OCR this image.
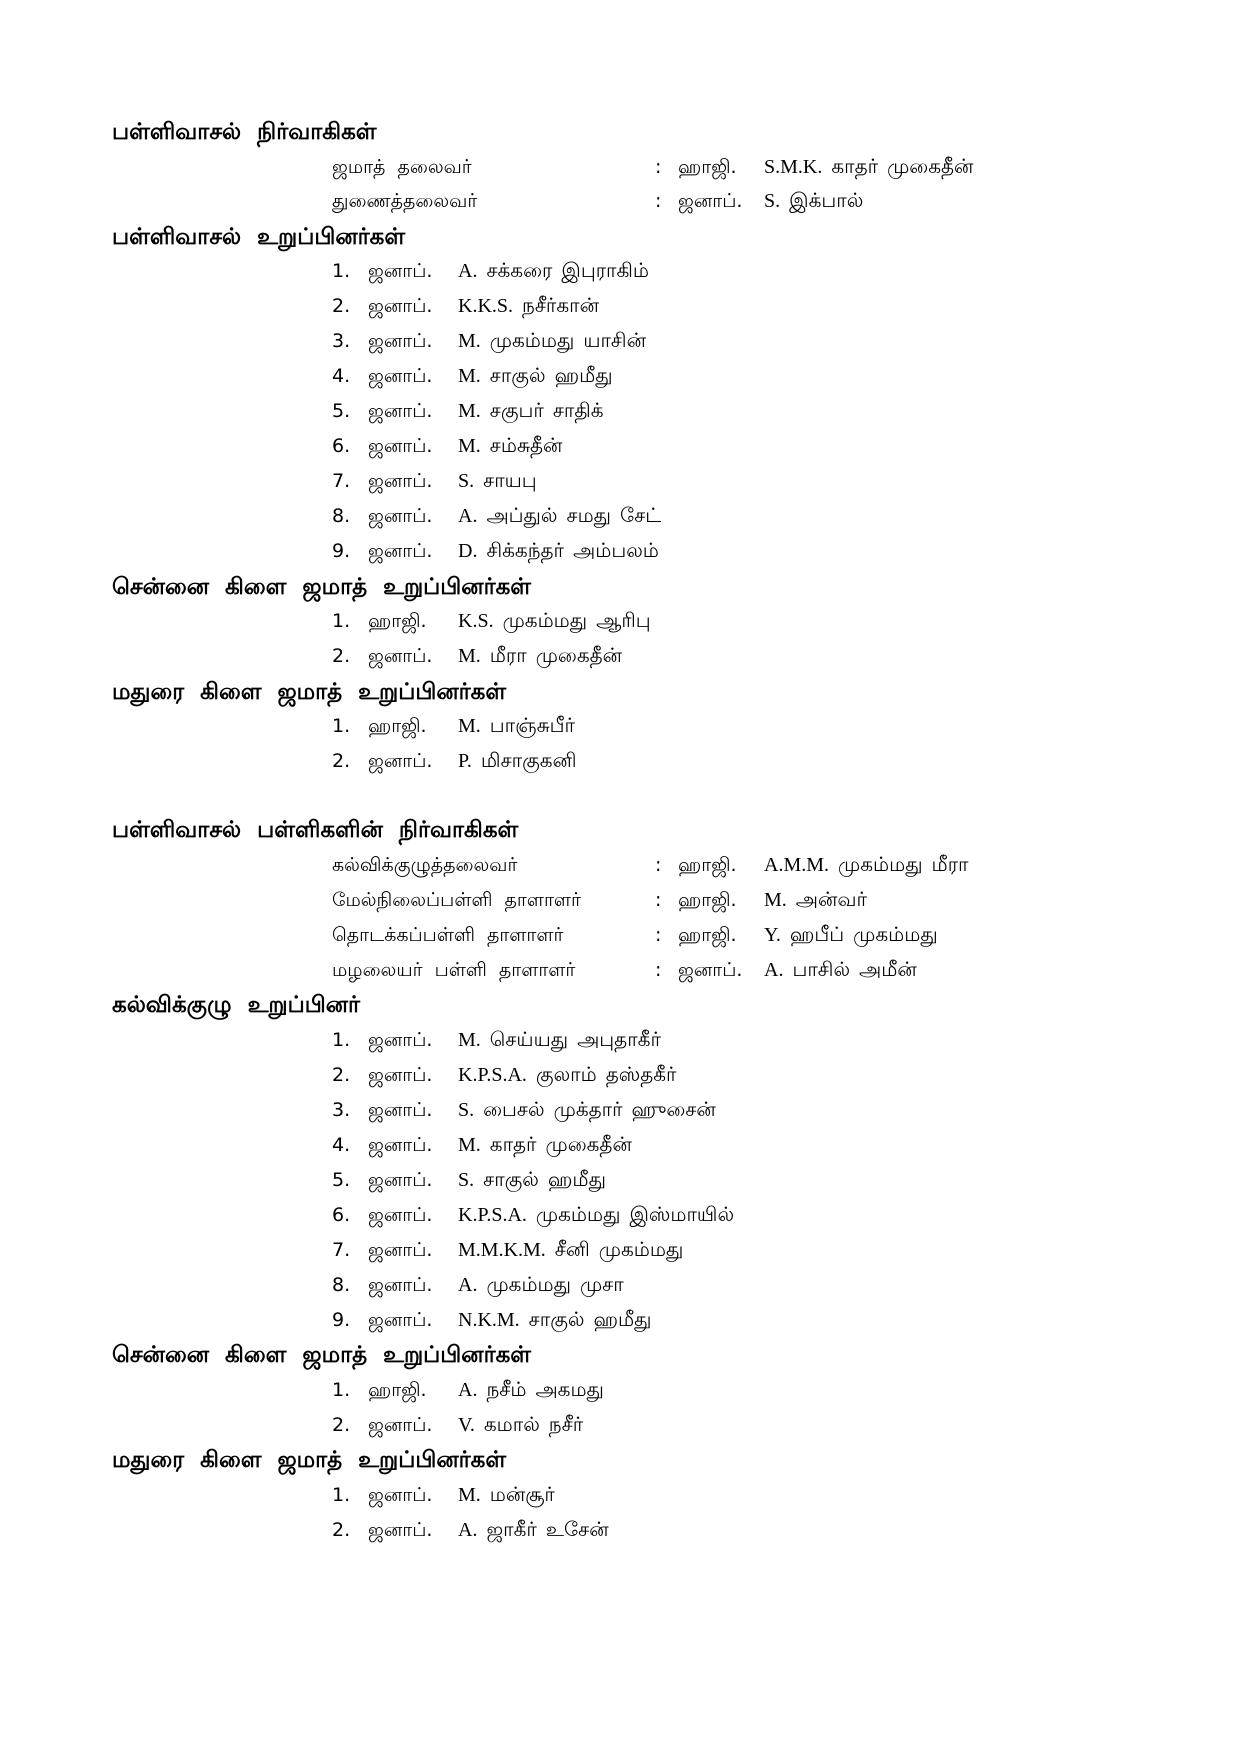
பள்ளிவாசல் நிர்வாகிகள்
ஜமாத் தலைவர்	: ஹாஜி .	S.M.K. காதர் முகைதீன்
துணைத்தலைவர்	: ஜனாப் .	S. இக்பால்
பள்ளிவாசல் உறுப்பினர்கள்
1 .	ஜனாப் .	A. சக்கரை இபுராகிம்
2 .	ஜனாப் .	K.K.S. நசீர்கான்
3 .	ஜனாப் .	M. முகம்மது யாசின்
4 .	ஜனாப் .	M. சாகுல் ஹமீது
5 .	ஜனாப் .	M. சகுபர் சாதிக்
6 .	ஜனாப் .	M. சம்சுதீன்
7 .	ஜனாப் .	S. சாயபு
8 .	ஜனாப் .	A. அப்துல் சமது சேட்
9 .	ஜனாப் .	D. சிக்கந்தர் அம்பலம்
சென்னை கிளை ஜமாத் உறுப்பினர்கள்
1 .	ஹாஜி .	K.S. முகம்மது ஆரிபு
2 .	ஜனாப் .	M. மீரா முகைதீன்
மதுரை கிளை ஜமாத் உறுப்பினர்கள்
1 .	ஹாஜி .	M. பாஞ்சுபீர்
2 .	ஜனாப் .	P. மிசாகுகனி
பள்ளிவாசல் பள்ளிகளின் நிர்வாகிகள்
கல்விக்குழுத்தலைவர்	: ஹாஜி .	A.M.M. முகம்மது மீரா
மேல்நிலைப்பள்ளி தாளாளர்	: ஹாஜி .	M. அன்வர்
தொடக்கப்பள்ளி தாளாளர்	: ஹாஜி .	Y. ஹபீப் முகம்மது
மழலையர் பள்ளி தாளாளர்	: ஜனாப் .	A. பாசில் அமீன்
கல்விக்குழு உறுப்பினர்
1 .	ஜனாப் .	M. செய்யது அபுதாகீர்
2 .	ஜனாப் .	K.P.S.A. குலாம் தஸ்தகீர்
3 .	ஜனாப் .	S. பைசல் முக்தார் ஹுசைன்
4 .	ஜனாப் .	M. காதர் முகைதீன்
5 .	ஜனாப் .	S. சாகுல் ஹமீது
6 .	ஜனாப் .	K.P.S.A. முகம்மது இஸ்மாயில்
7 .	ஜனாப் .	M.M.K.M. சீனி முகம்மது
8 .	ஜனாப் .	A. முகம்மது முசா
9 .	ஜனாப் .	N.K.M. சாகுல் ஹமீது
சென்னை கிளை ஜமாத் உறுப்பினர்கள்
1 .	ஹாஜி .	A. நசீம் அகமது
2 .	ஜனாப் .	V. கமால் நசீர்
மதுரை கிளை ஜமாத் உறுப்பினர்கள்
1 .	ஜனாப் .	M. மன்சூர்
2 .	ஜனாப் .	A. ஜாகீர் உசேன்
